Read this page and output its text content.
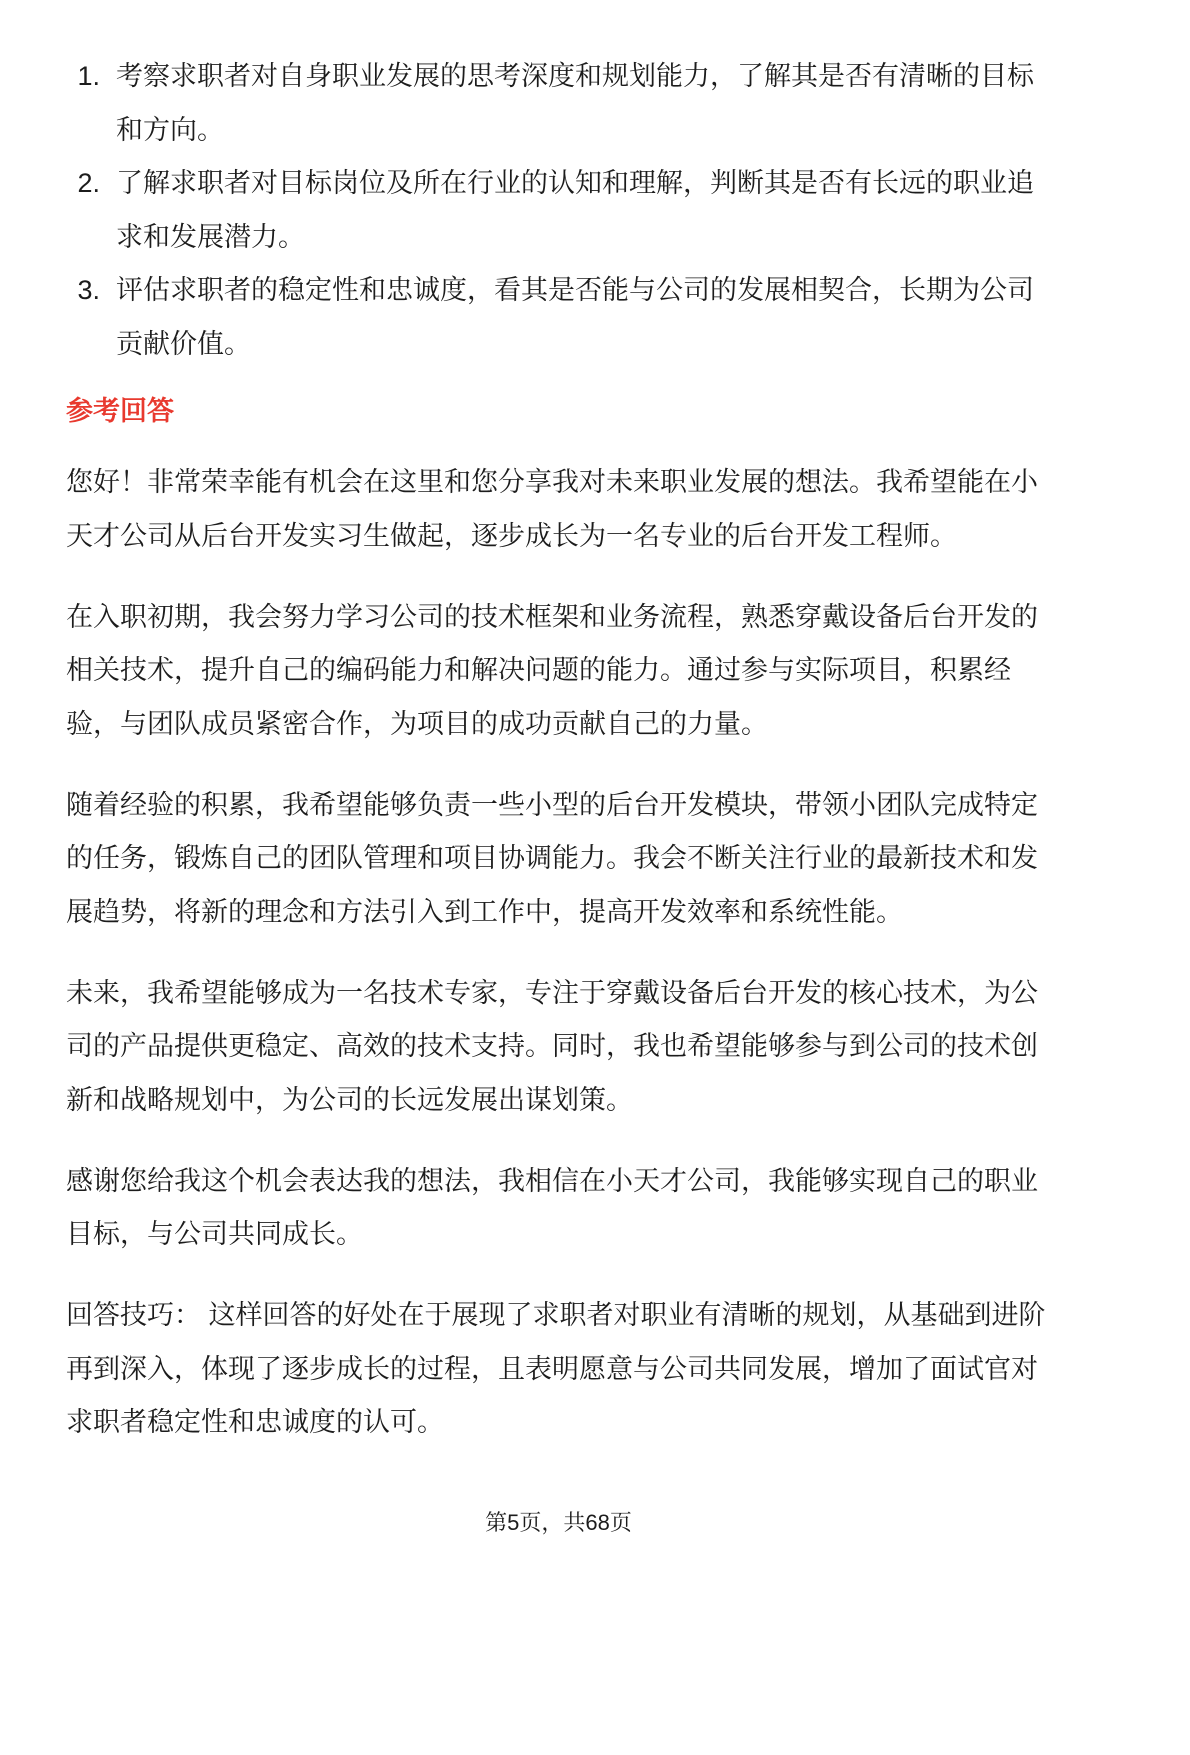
1. 考察求职者对自身职业发展的思考深度和规划能力，了解其是否有清晰的目标和方向。
2. 了解求职者对目标岗位及所在行业的认知和理解，判断其是否有长远的职业追求和发展潜力。
3. 评估求职者的稳定性和忠诚度，看其是否能与公司的发展相契合，长期为公司贡献价值。
参考回答

您好！非常荣幸能有机会在这里和您分享我对未来职业发展的想法。我希望能在小天才公司从后台开发实习生做起，逐步成长为一名专业的后台开发工程师。

在入职初期，我会努力学习公司的技术框架和业务流程，熟悉穿戴设备后台开发的相关技术，提升自己的编码能力和解决问题的能力。通过参与实际项目，积累经验，与团队成员紧密合作，为项目的成功贡献自己的力量。

随着经验的积累，我希望能够负责一些小型的后台开发模块，带领小团队完成特定的任务，锻炼自己的团队管理和项目协调能力。我会不断关注行业的最新技术和发展趋势，将新的理念和方法引入到工作中，提高开发效率和系统性能。

未来，我希望能够成为一名技术专家，专注于穿戴设备后台开发的核心技术，为公司的产品提供更稳定、高效的技术支持。同时，我也希望能够参与到公司的技术创新和战略规划中，为公司的长远发展出谋划策。

感谢您给我这个机会表达我的想法，我相信在小天才公司，我能够实现自己的职业目标，与公司共同成长。

回答技巧： 这样回答的好处在于展现了求职者对职业有清晰的规划，从基础到进阶再到深入，体现了逐步成长的过程，且表明愿意与公司共同发展，增加了面试官对求职者稳定性和忠诚度的认可。

第5页，共68页
